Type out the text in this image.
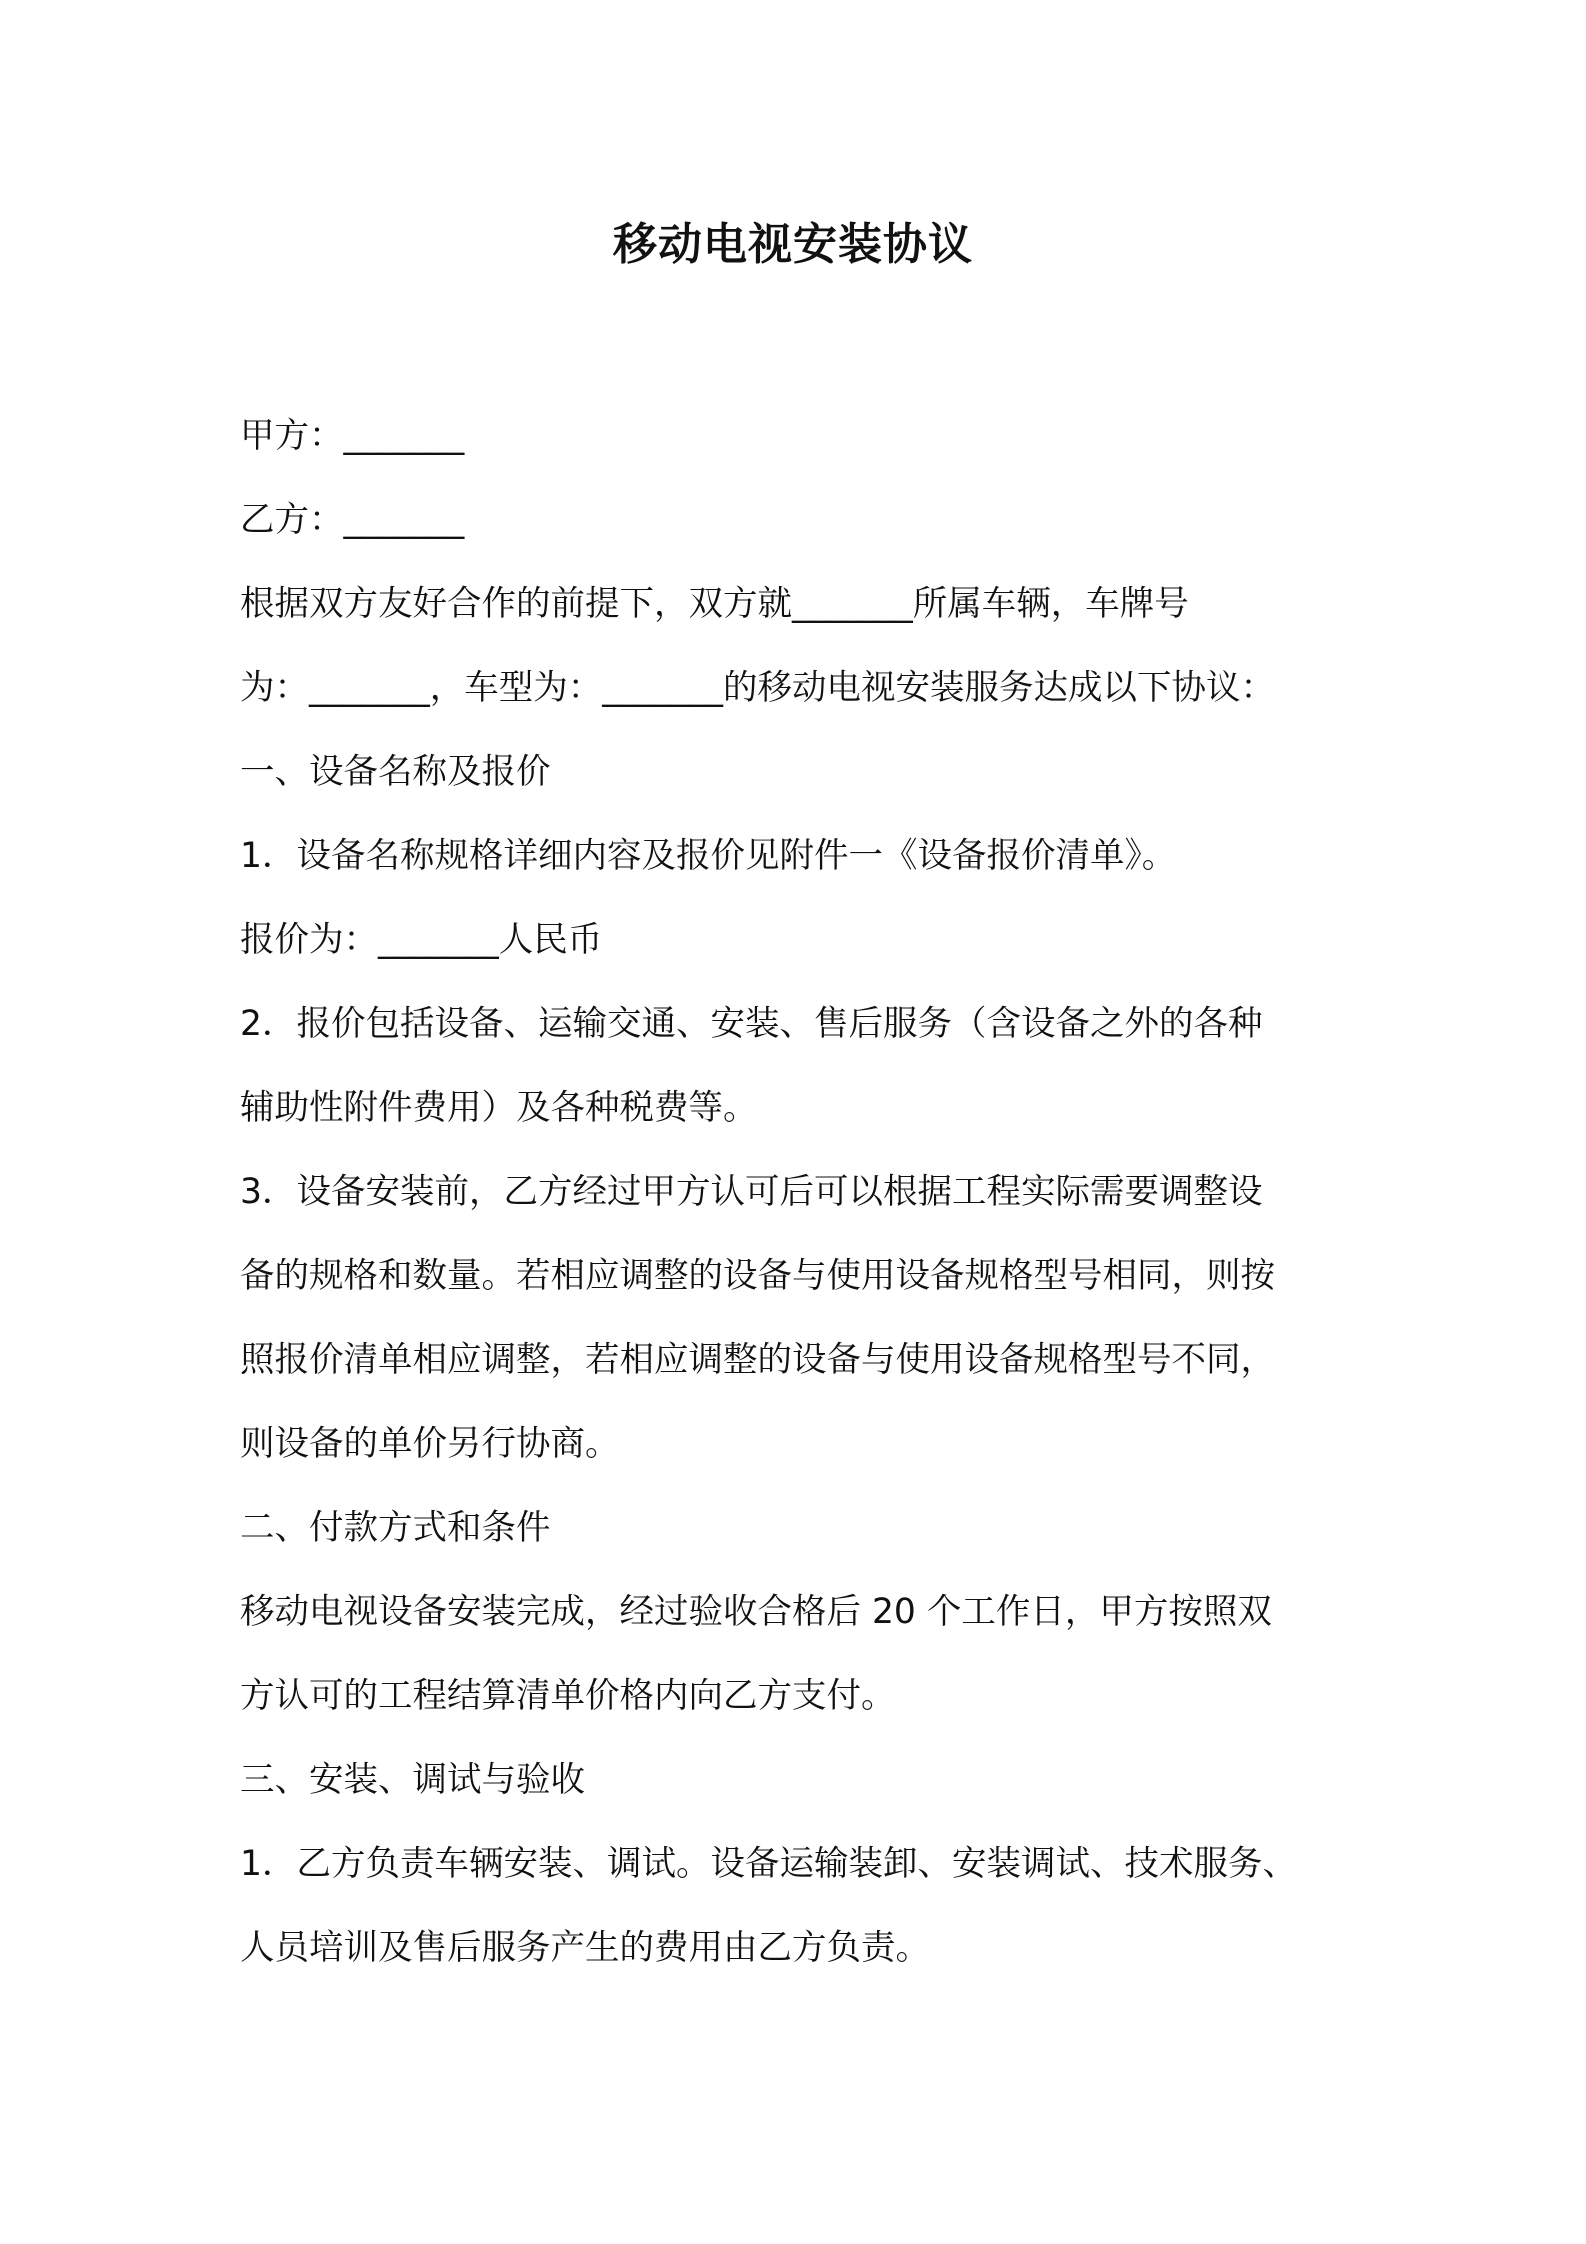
移动电视安装协议
甲方：_______
乙方：_______
根据双方友好合作的前提下，双方就_______所属车辆，车牌号
为：_______，车型为：_______的移动电视安装服务达成以下协议：
一、设备名称及报价
1．设备名称规格详细内容及报价见附件一《设备报价清单》。
报价为：_______人民币
2．报价包括设备、运输交通、安装、售后服务（含设备之外的各种
辅助性附件费用）及各种税费等。
3．设备安装前，乙方经过甲方认可后可以根据工程实际需要调整设
备的规格和数量。若相应调整的设备与使用设备规格型号相同，则按
照报价清单相应调整，若相应调整的设备与使用设备规格型号不同，
则设备的单价另行协商。
二、付款方式和条件
移动电视设备安装完成，经过验收合格后 20 个工作日，甲方按照双
方认可的工程结算清单价格内向乙方支付。
三、安装、调试与验收
1．乙方负责车辆安装、调试。设备运输装卸、安装调试、技术服务、
人员培训及售后服务产生的费用由乙方负责。
